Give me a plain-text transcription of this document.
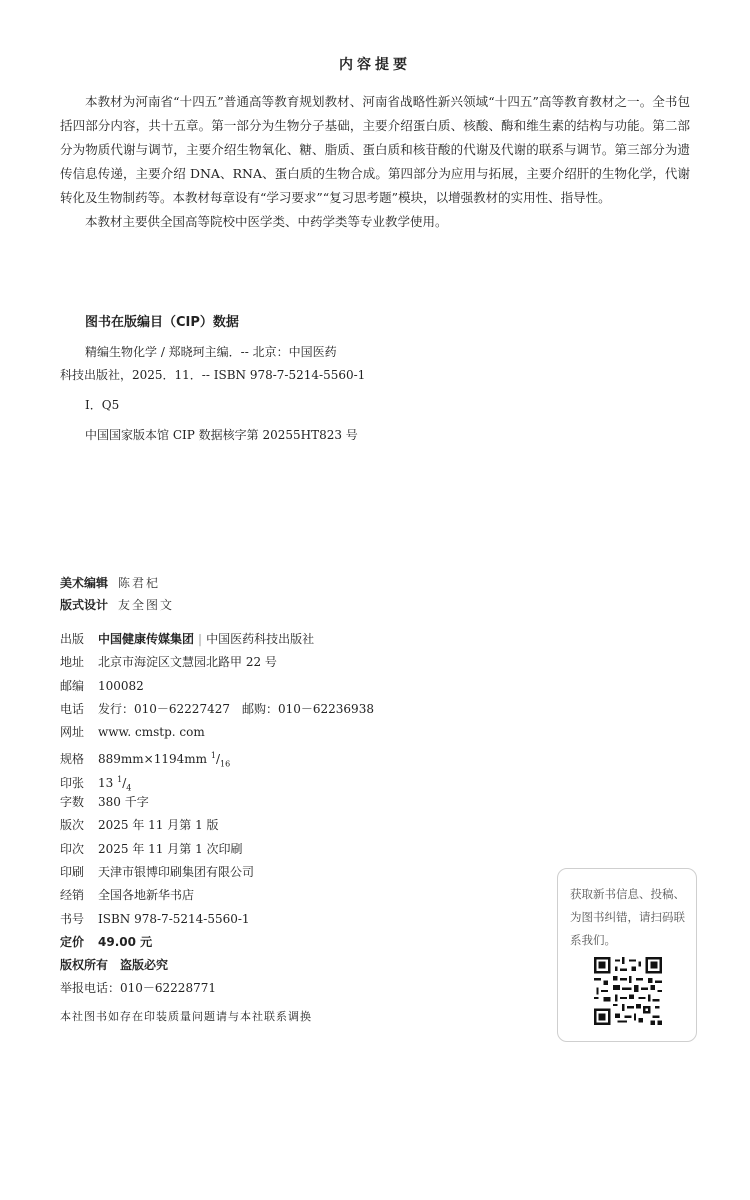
内容提要

本教材为河南省“十四五”普通高等教育规划教材、河南省战略性新兴领域“十四五”高等教育教材之一。全书包括四部分内容，共十五章。第一部分为生物分子基础，主要介绍蛋白质、核酸、酶和维生素的结构与功能。第二部分为物质代谢与调节，主要介绍生物氧化、糖、脂质、蛋白质和核苷酸的代谢及代谢的联系与调节。第三部分为遗传信息传递，主要介绍 DNA、RNA、蛋白质的生物合成。第四部分为应用与拓展，主要介绍肝的生物化学，代谢转化及生物制药等。本教材每章设有“学习要求”“复习思考题”模块，以增强教材的实用性、指导性。

本教材主要供全国高等院校中医学类、中药学类等专业教学使用。

图书在版编目（CIP）数据
精编生物化学 / 郑晓珂主编．-- 北京：中国医药
科技出版社，2025．11．-- ISBN 978-7-5214-5560-1
Ⅰ．Q5
中国国家版本馆 CIP 数据核字第 20255HT823 号
美术编辑 陈君杞
版式设计 友全图文
出版 中国健康传媒集团 | 中国医药科技出版社
地址 北京市海淀区文慧园北路甲 22 号
邮编 100082
电话 发行：010－62227427　邮购：010－62236938
网址 www. cmstp. com
规格 889mm×1194mm $^1/_{16}$
印张 13 $^1/_4$
字数 380 千字
版次 2025 年 11 月第 1 版
印次 2025 年 11 月第 1 次印刷
印刷 天津市银博印刷集团有限公司
经销 全国各地新华书店
书号 ISBN 978-7-5214-5560-1
定价 49.00 元
版权所有　盗版必究
举报电话：010－62228771
本社图书如存在印装质量问题请与本社联系调换
获取新书信息、投稿、为图书纠错，请扫码联系我们。
